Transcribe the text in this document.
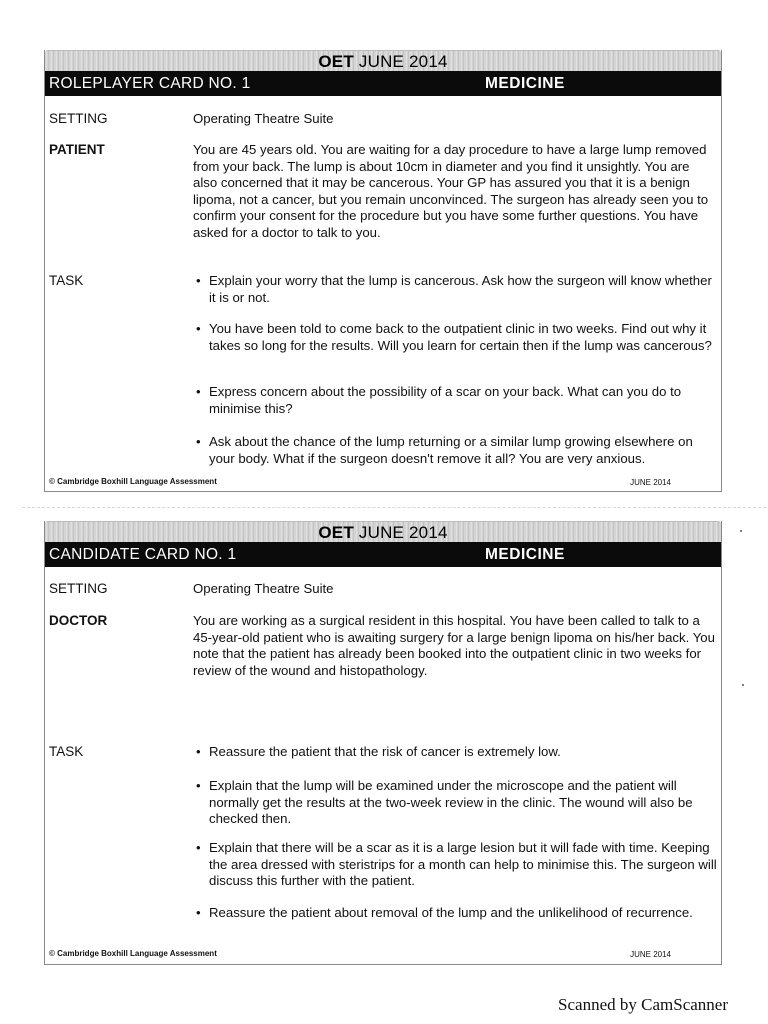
OET JUNE 2014
ROLEPLAYER CARD NO. 1	MEDICINE
SETTING	Operating Theatre Suite
PATIENT	You are 45 years old. You are waiting for a day procedure to have a large lump removed from your back. The lump is about 10cm in diameter and you find it unsightly. You are also concerned that it may be cancerous. Your GP has assured you that it is a benign lipoma, not a cancer, but you remain unconvinced. The surgeon has already seen you to confirm your consent for the procedure but you have some further questions. You have asked for a doctor to talk to you.
TASK	• Explain your worry that the lump is cancerous. Ask how the surgeon will know whether it is or not.
• You have been told to come back to the outpatient clinic in two weeks. Find out why it takes so long for the results. Will you learn for certain then if the lump was cancerous?
• Express concern about the possibility of a scar on your back. What can you do to minimise this?
• Ask about the chance of the lump returning or a similar lump growing elsewhere on your body. What if the surgeon doesn't remove it all? You are very anxious.
© Cambridge Boxhill Language Assessment	JUNE 2014
OET JUNE 2014
CANDIDATE CARD NO. 1	MEDICINE
SETTING	Operating Theatre Suite
DOCTOR	You are working as a surgical resident in this hospital. You have been called to talk to a 45-year-old patient who is awaiting surgery for a large benign lipoma on his/her back. You note that the patient has already been booked into the outpatient clinic in two weeks for review of the wound and histopathology.
TASK	• Reassure the patient that the risk of cancer is extremely low.
• Explain that the lump will be examined under the microscope and the patient will normally get the results at the two-week review in the clinic. The wound will also be checked then.
• Explain that there will be a scar as it is a large lesion but it will fade with time. Keeping the area dressed with steristrips for a month can help to minimise this. The surgeon will discuss this further with the patient.
• Reassure the patient about removal of the lump and the unlikelihood of recurrence.
© Cambridge Boxhill Language Assessment	JUNE 2014
Scanned by CamScanner
